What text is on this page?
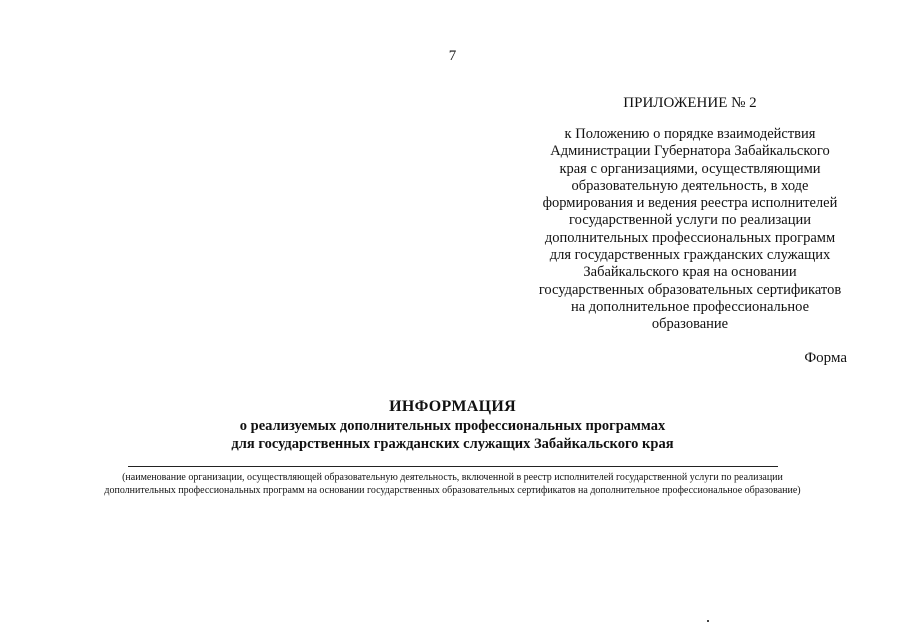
7
ПРИЛОЖЕНИЕ № 2
к Положению о порядке взаимодействия
Администрации Губернатора Забайкальского
края с организациями, осуществляющими
образовательную деятельность, в ходе
формирования и ведения реестра исполнителей
государственной услуги по реализации
дополнительных профессиональных программ
для государственных гражданских служащих
Забайкальского края на основании
государственных образовательных сертификатов
на дополнительное профессиональное
образование
Форма
ИНФОРМАЦИЯ
о реализуемых дополнительных профессиональных программах
для государственных гражданских служащих Забайкальского края
(наименование организации, осуществляющей образовательную деятельность, включенной в реестр исполнителей государственной услуги по реализации
дополнительных профессиональных программ на основании государственных образовательных сертификатов на дополнительное профессиональное образование)
